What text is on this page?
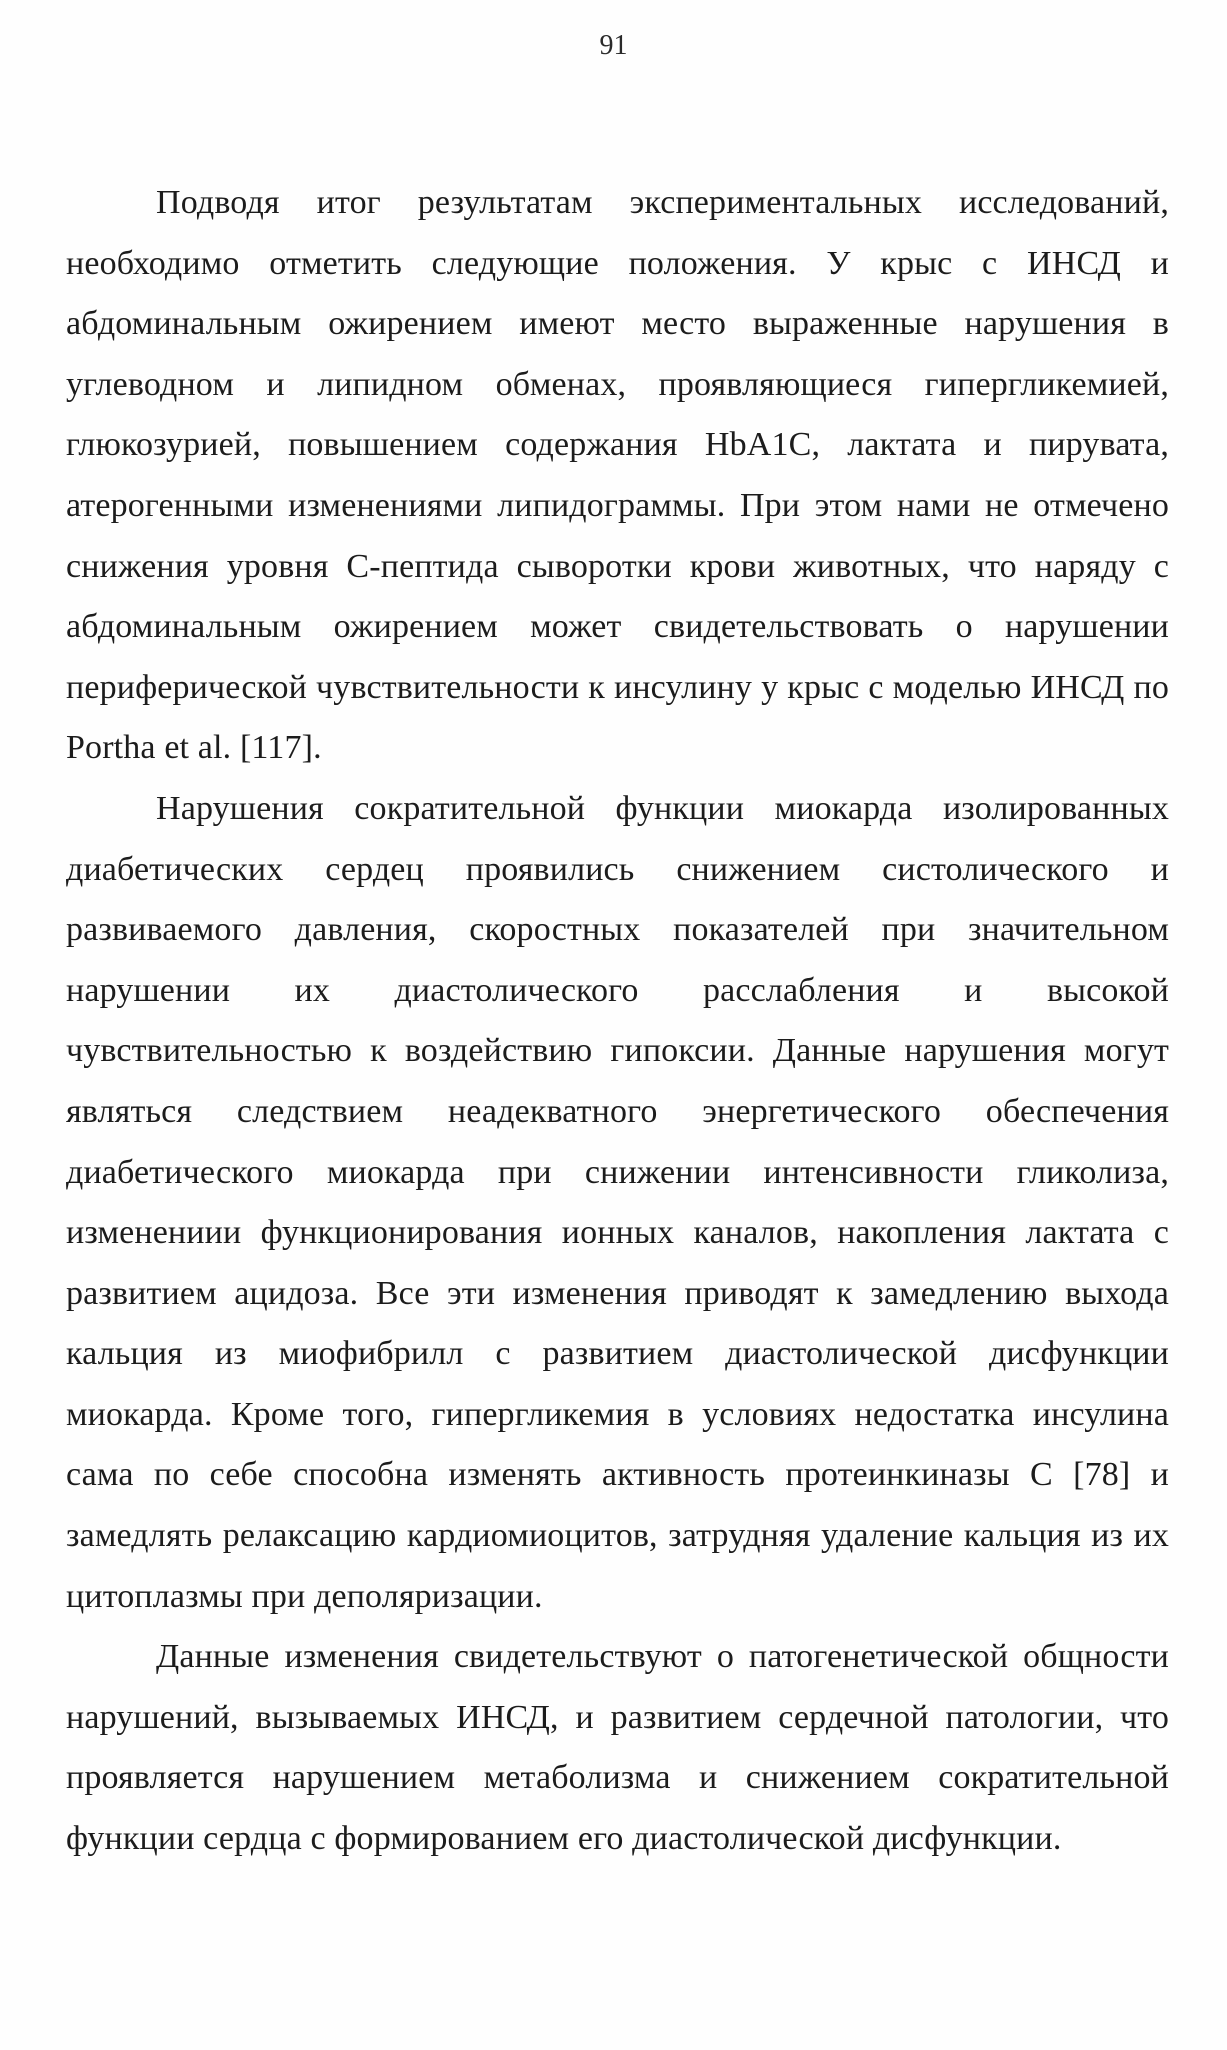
91

Подводя итог результатам экспериментальных исследований, необходимо отметить следующие положения. У крыс с ИНСД и абдоминальным ожирением имеют место выраженные нарушения в углеводном и липидном обменах, проявляющиеся гипергликемией, глюкозурией, повышением содержания HbA1C, лактата и пирувата, атерогенными изменениями липидограммы. При этом нами не отмечено снижения уровня С-пептида сыворотки крови животных, что наряду с абдоминальным ожирением может свидетельствовать о нарушении периферической чувствительности к инсулину у крыс с моделью ИНСД по Portha et al. [117].

Нарушения сократительной функции миокарда изолированных диабетических сердец проявились снижением систолического и развиваемого давления, скоростных показателей при значительном нарушении их диастолического расслабления и высокой чувствительностью к воздействию гипоксии. Данные нарушения могут являться следствием неадекватного энергетического обеспечения диабетического миокарда при снижении интенсивности гликолиза, изменениии функционирования ионных каналов, накопления лактата с развитием ацидоза. Все эти изменения приводят к замедлению выхода кальция из миофибрилл с развитием диастолической дисфункции миокарда. Кроме того, гипергликемия в условиях недостатка инсулина сама по себе способна изменять активность протеинкиназы С [78] и замедлять релаксацию кардиомиоцитов, затрудняя удаление кальция из их цитоплазмы при деполяризации.

Данные изменения свидетельствуют о патогенетической общности нарушений, вызываемых ИНСД, и развитием сердечной патологии, что проявляется нарушением метаболизма и снижением сократительной функции сердца с формированием его диастолической дисфункции.
